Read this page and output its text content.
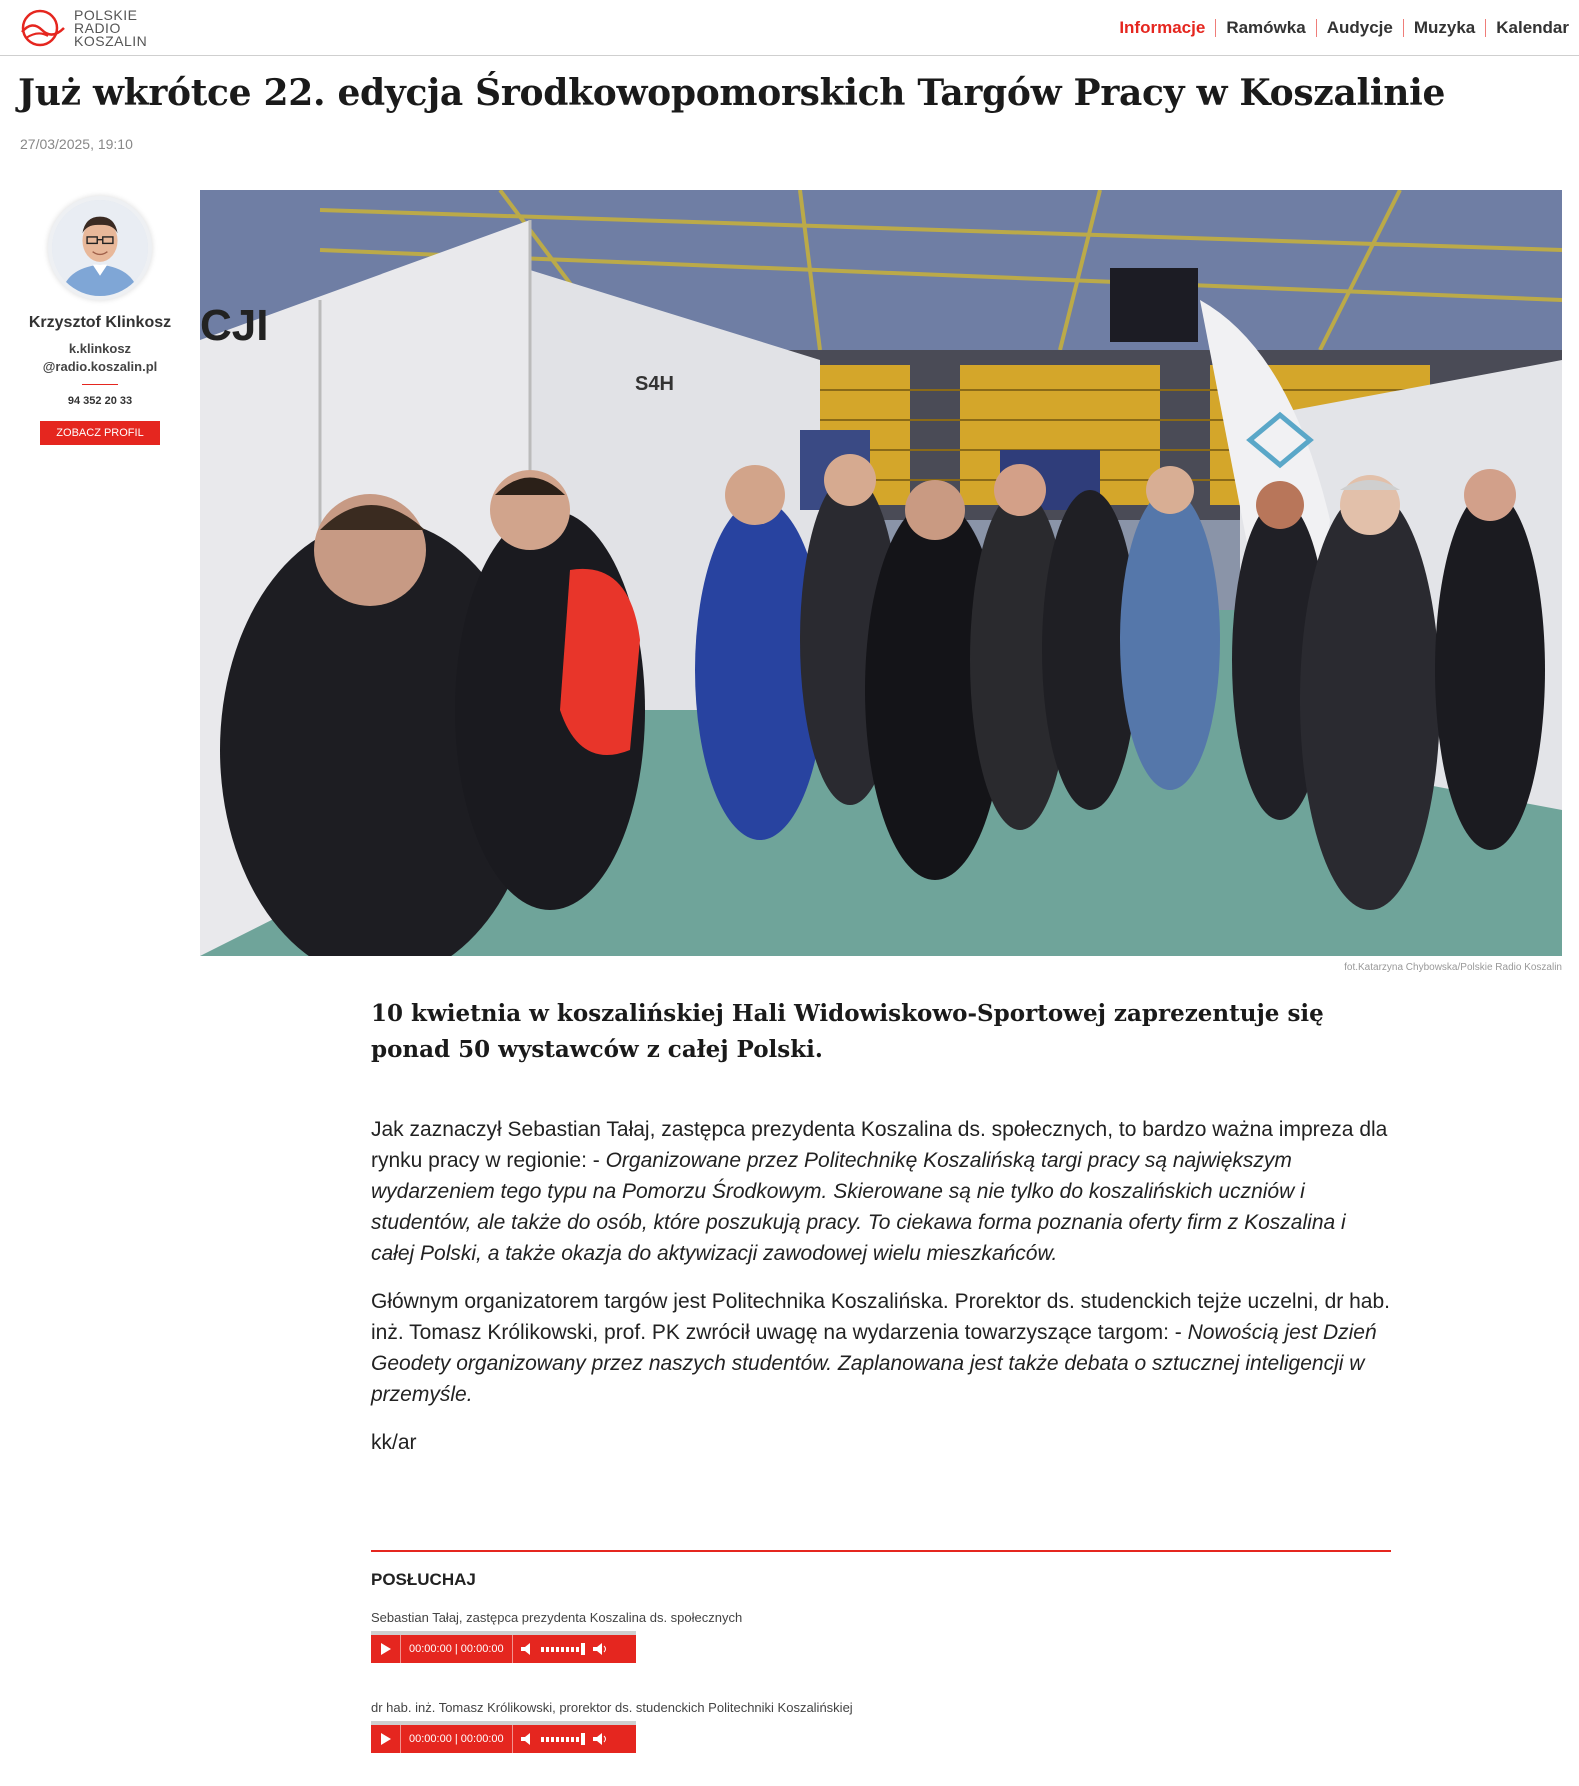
POLSKIE
RADIO
KOSZALIN
Informacje	Ramówka	Audycje	Muzyka	Kalendar
Już wkrótce 22. edycja Środkowopomorskich Targów Pracy w Koszalinie
27/03/2025, 19:10
Krzysztof Klinkosz
k.klinkosz
@radio.koszalin.pl
94 352 20 33
ZOBACZ PROFIL
CJI
S4H
fot.Katarzyna Chybowska/Polskie Radio Koszalin
10 kwietnia w koszalińskiej Hali Widowiskowo-Sportowej zaprezentuje się ponad 50 wystawców z całej Polski.

Jak zaznaczył Sebastian Tałaj, zastępca prezydenta Koszalina ds. społecznych, to bardzo ważna impreza dla rynku pracy w regionie: - Organizowane przez Politechnikę Koszalińską targi pracy są największym wydarzeniem tego typu na Pomorzu Środkowym. Skierowane są nie tylko do koszalińskich uczniów i studentów, ale także do osób, które poszukują pracy. To ciekawa forma poznania oferty firm z Koszalina i całej Polski, a także okazja do aktywizacji zawodowej wielu mieszkańców.

Głównym organizatorem targów jest Politechnika Koszalińska. Prorektor ds. studenckich tejże uczelni, dr hab. inż. Tomasz Królikowski, prof. PK zwrócił uwagę na wydarzenia towarzyszące targom: - Nowością jest Dzień Geodety organizowany przez naszych studentów. Zaplanowana jest także debata o sztucznej inteligencji w przemyśle.

kk/ar

POSŁUCHAJ
Sebastian Tałaj, zastępca prezydenta Koszalina ds. społecznych
00:00:00 | 00:00:00
dr hab. inż. Tomasz Królikowski, prorektor ds. studenckich Politechniki Koszalińskiej
00:00:00 | 00:00:00
